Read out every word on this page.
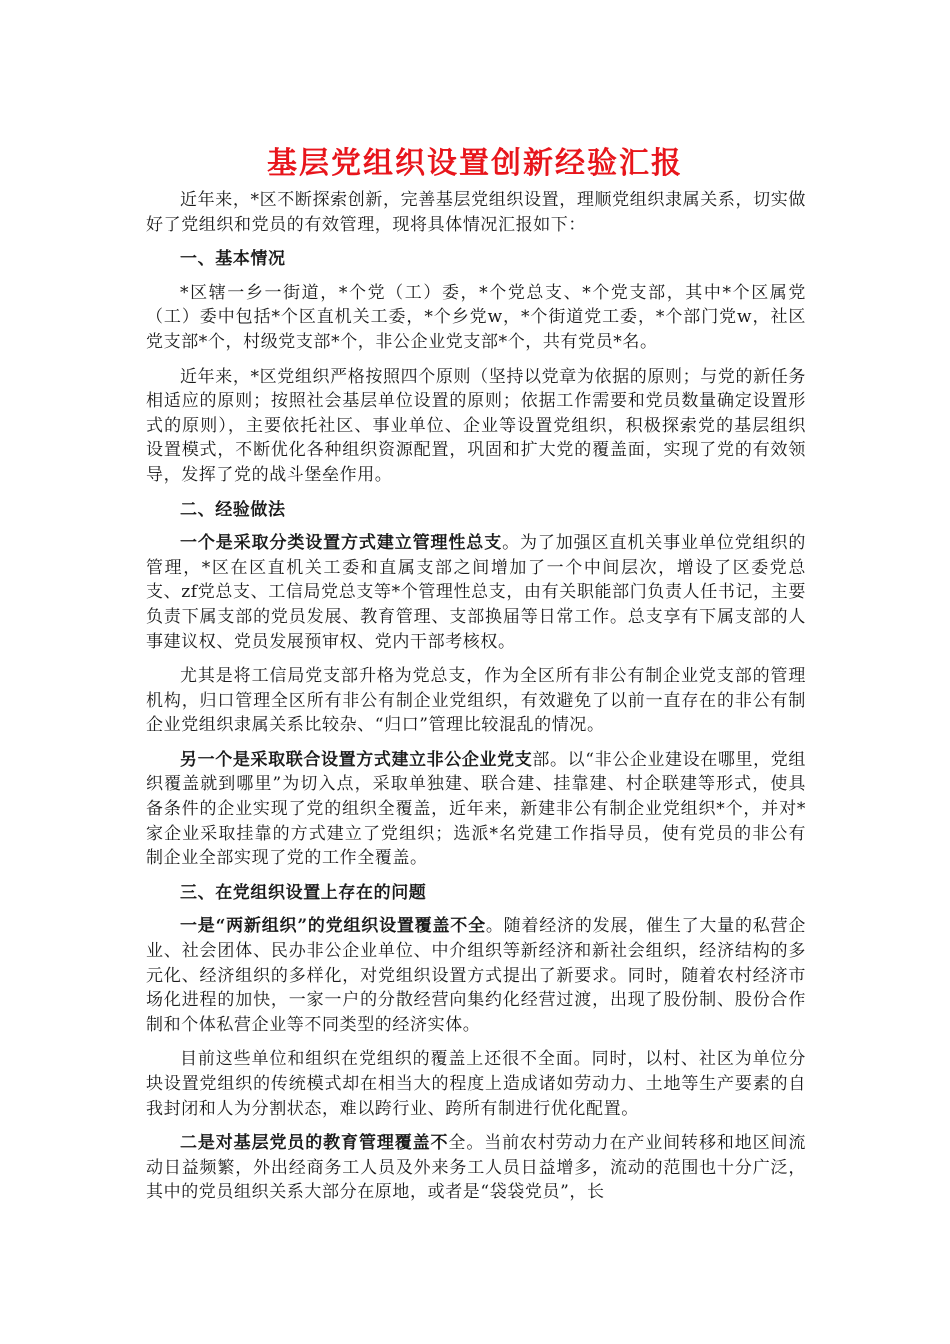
基层党组织设置创新经验汇报

近年来，*区不断探索创新，完善基层党组织设置，理顺党组织隶属关系，切实做好了党组织和党员的有效管理，现将具体情况汇报如下：

一、基本情况

*区辖一乡一街道，*个党（工）委，*个党总支、*个党支部，其中*个区属党（工）委中包括*个区直机关工委，*个乡党w，*个街道党工委，*个部门党w，社区党支部*个，村级党支部*个，非公企业党支部*个，共有党员*名。

近年来，*区党组织严格按照四个原则（坚持以党章为依据的原则；与党的新任务相适应的原则；按照社会基层单位设置的原则；依据工作需要和党员数量确定设置形式的原则），主要依托社区、事业单位、企业等设置党组织，积极探索党的基层组织设置模式，不断优化各种组织资源配置，巩固和扩大党的覆盖面，实现了党的有效领导，发挥了党的战斗堡垒作用。

二、经验做法

一个是采取分类设置方式建立管理性总支。为了加强区直机关事业单位党组织的管理，*区在区直机关工委和直属支部之间增加了一个中间层次，增设了区委党总支、zf党总支、工信局党总支等*个管理性总支，由有关职能部门负责人任书记，主要负责下属支部的党员发展、教育管理、支部换届等日常工作。总支享有下属支部的人事建议权、党员发展预审权、党内干部考核权。

尤其是将工信局党支部升格为党总支，作为全区所有非公有制企业党支部的管理机构，归口管理全区所有非公有制企业党组织，有效避免了以前一直存在的非公有制企业党组织隶属关系比较杂、“归口”管理比较混乱的情况。

另一个是采取联合设置方式建立非公企业党支部。以“非公企业建设在哪里，党组织覆盖就到哪里”为切入点，采取单独建、联合建、挂靠建、村企联建等形式，使具备条件的企业实现了党的组织全覆盖，近年来，新建非公有制企业党组织*个，并对*家企业采取挂靠的方式建立了党组织；选派*名党建工作指导员，使有党员的非公有制企业全部实现了党的工作全覆盖。

三、在党组织设置上存在的问题

一是“两新组织”的党组织设置覆盖不全。随着经济的发展，催生了大量的私营企业、社会团体、民办非公企业单位、中介组织等新经济和新社会组织，经济结构的多元化、经济组织的多样化，对党组织设置方式提出了新要求。同时，随着农村经济市场化进程的加快，一家一户的分散经营向集约化经营过渡，出现了股份制、股份合作制和个体私营企业等不同类型的经济实体。

目前这些单位和组织在党组织的覆盖上还很不全面。同时，以村、社区为单位分块设置党组织的传统模式却在相当大的程度上造成诸如劳动力、土地等生产要素的自我封闭和人为分割状态，难以跨行业、跨所有制进行优化配置。

二是对基层党员的教育管理覆盖不全。当前农村劳动力在产业间转移和地区间流动日益频繁，外出经商务工人员及外来务工人员日益增多，流动的范围也十分广泛，其中的党员组织关系大部分在原地，或者是“袋袋党员”，长
